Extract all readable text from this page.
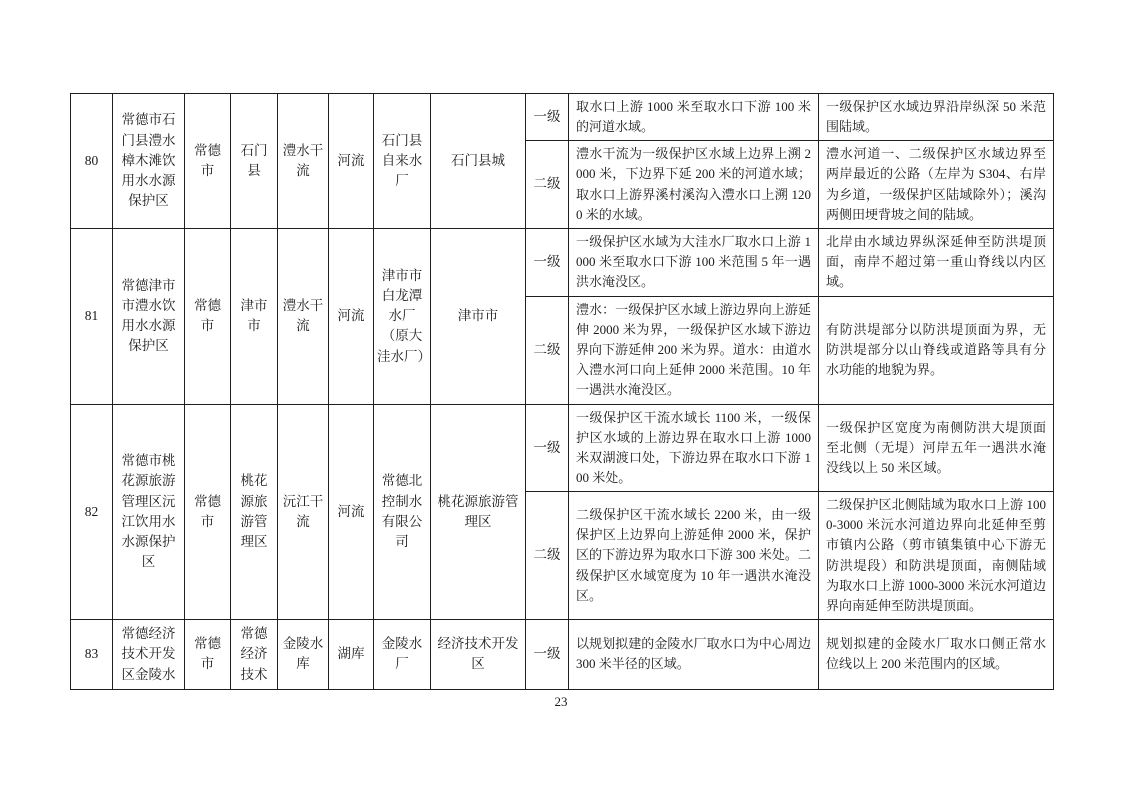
80	常德市石门县澧水樟木滩饮用水水源保护区	常德市	石门县	澧水干流	河流	石门县自来水厂	石门县城	一级	取水口上游 1000 米至取水口下游 100 米的河道水域。	一级保护区水域边界沿岸纵深 50 米范围陆域。
								二级	澧水干流为一级保护区水域上边界上溯 2000 米，下边界下延 200 米的河道水域；取水口上游界溪村溪沟入澧水口上溯 1200 米的水域。	澧水河道一、二级保护区水域边界至两岸最近的公路（左岸为 S304、右岸为乡道，一级保护区陆域除外）；溪沟两侧田埂背坡之间的陆域。
81	常德津市市澧水饮用水水源保护区	常德市	津市市	澧水干流	河流	津市市白龙潭水厂（原大洼水厂）	津市市	一级	一级保护区水域为大洼水厂取水口上游 1000 米至取水口下游 100 米范围 5 年一遇洪水淹没区。	北岸由水域边界纵深延伸至防洪堤顶面，南岸不超过第一重山脊线以内区域。
								二级	澧水：一级保护区水域上游边界向上游延伸 2000 米为界，一级保护区水域下游边界向下游延伸 200 米为界。道水：由道水入澧水河口向上延伸 2000 米范围。10 年一遇洪水淹没区。	有防洪堤部分以防洪堤顶面为界，无防洪堤部分以山脊线或道路等具有分水功能的地貌为界。
82	常德市桃花源旅游管理区沅江饮用水水源保护区	常德市	桃花源旅游管理区	沅江干流	河流	常德北控制水有限公司	桃花源旅游管理区	一级	一级保护区干流水域长 1100 米，一级保护区水域的上游边界在取水口上游 1000 米双湖渡口处，下游边界在取水口下游 100 米处。	一级保护区宽度为南侧防洪大堤顶面至北侧（无堤）河岸五年一遇洪水淹没线以上 50 米区域。
								二级	二级保护区干流水域长 2200 米，由一级保护区上边界向上游延伸 2000 米，保护区的下游边界为取水口下游 300 米处。二级保护区水域宽度为 10 年一遇洪水淹没区。	二级保护区北侧陆域为取水口上游 1000-3000 米沅水河道边界向北延伸至剪市镇内公路（剪市镇集镇中心下游无防洪堤段）和防洪堤顶面，南侧陆域为取水口上游 1000-3000 米沅水河道边界向南延伸至防洪堤顶面。
83	常德经济技术开发区金陵水	常德市	常德经济技术	金陵水库	湖库	金陵水厂	经济技术开发区	一级	以规划拟建的金陵水厂取水口为中心周边 300 米半径的区域。	规划拟建的金陵水厂取水口侧正常水位线以上 200 米范围内的区域。
23
